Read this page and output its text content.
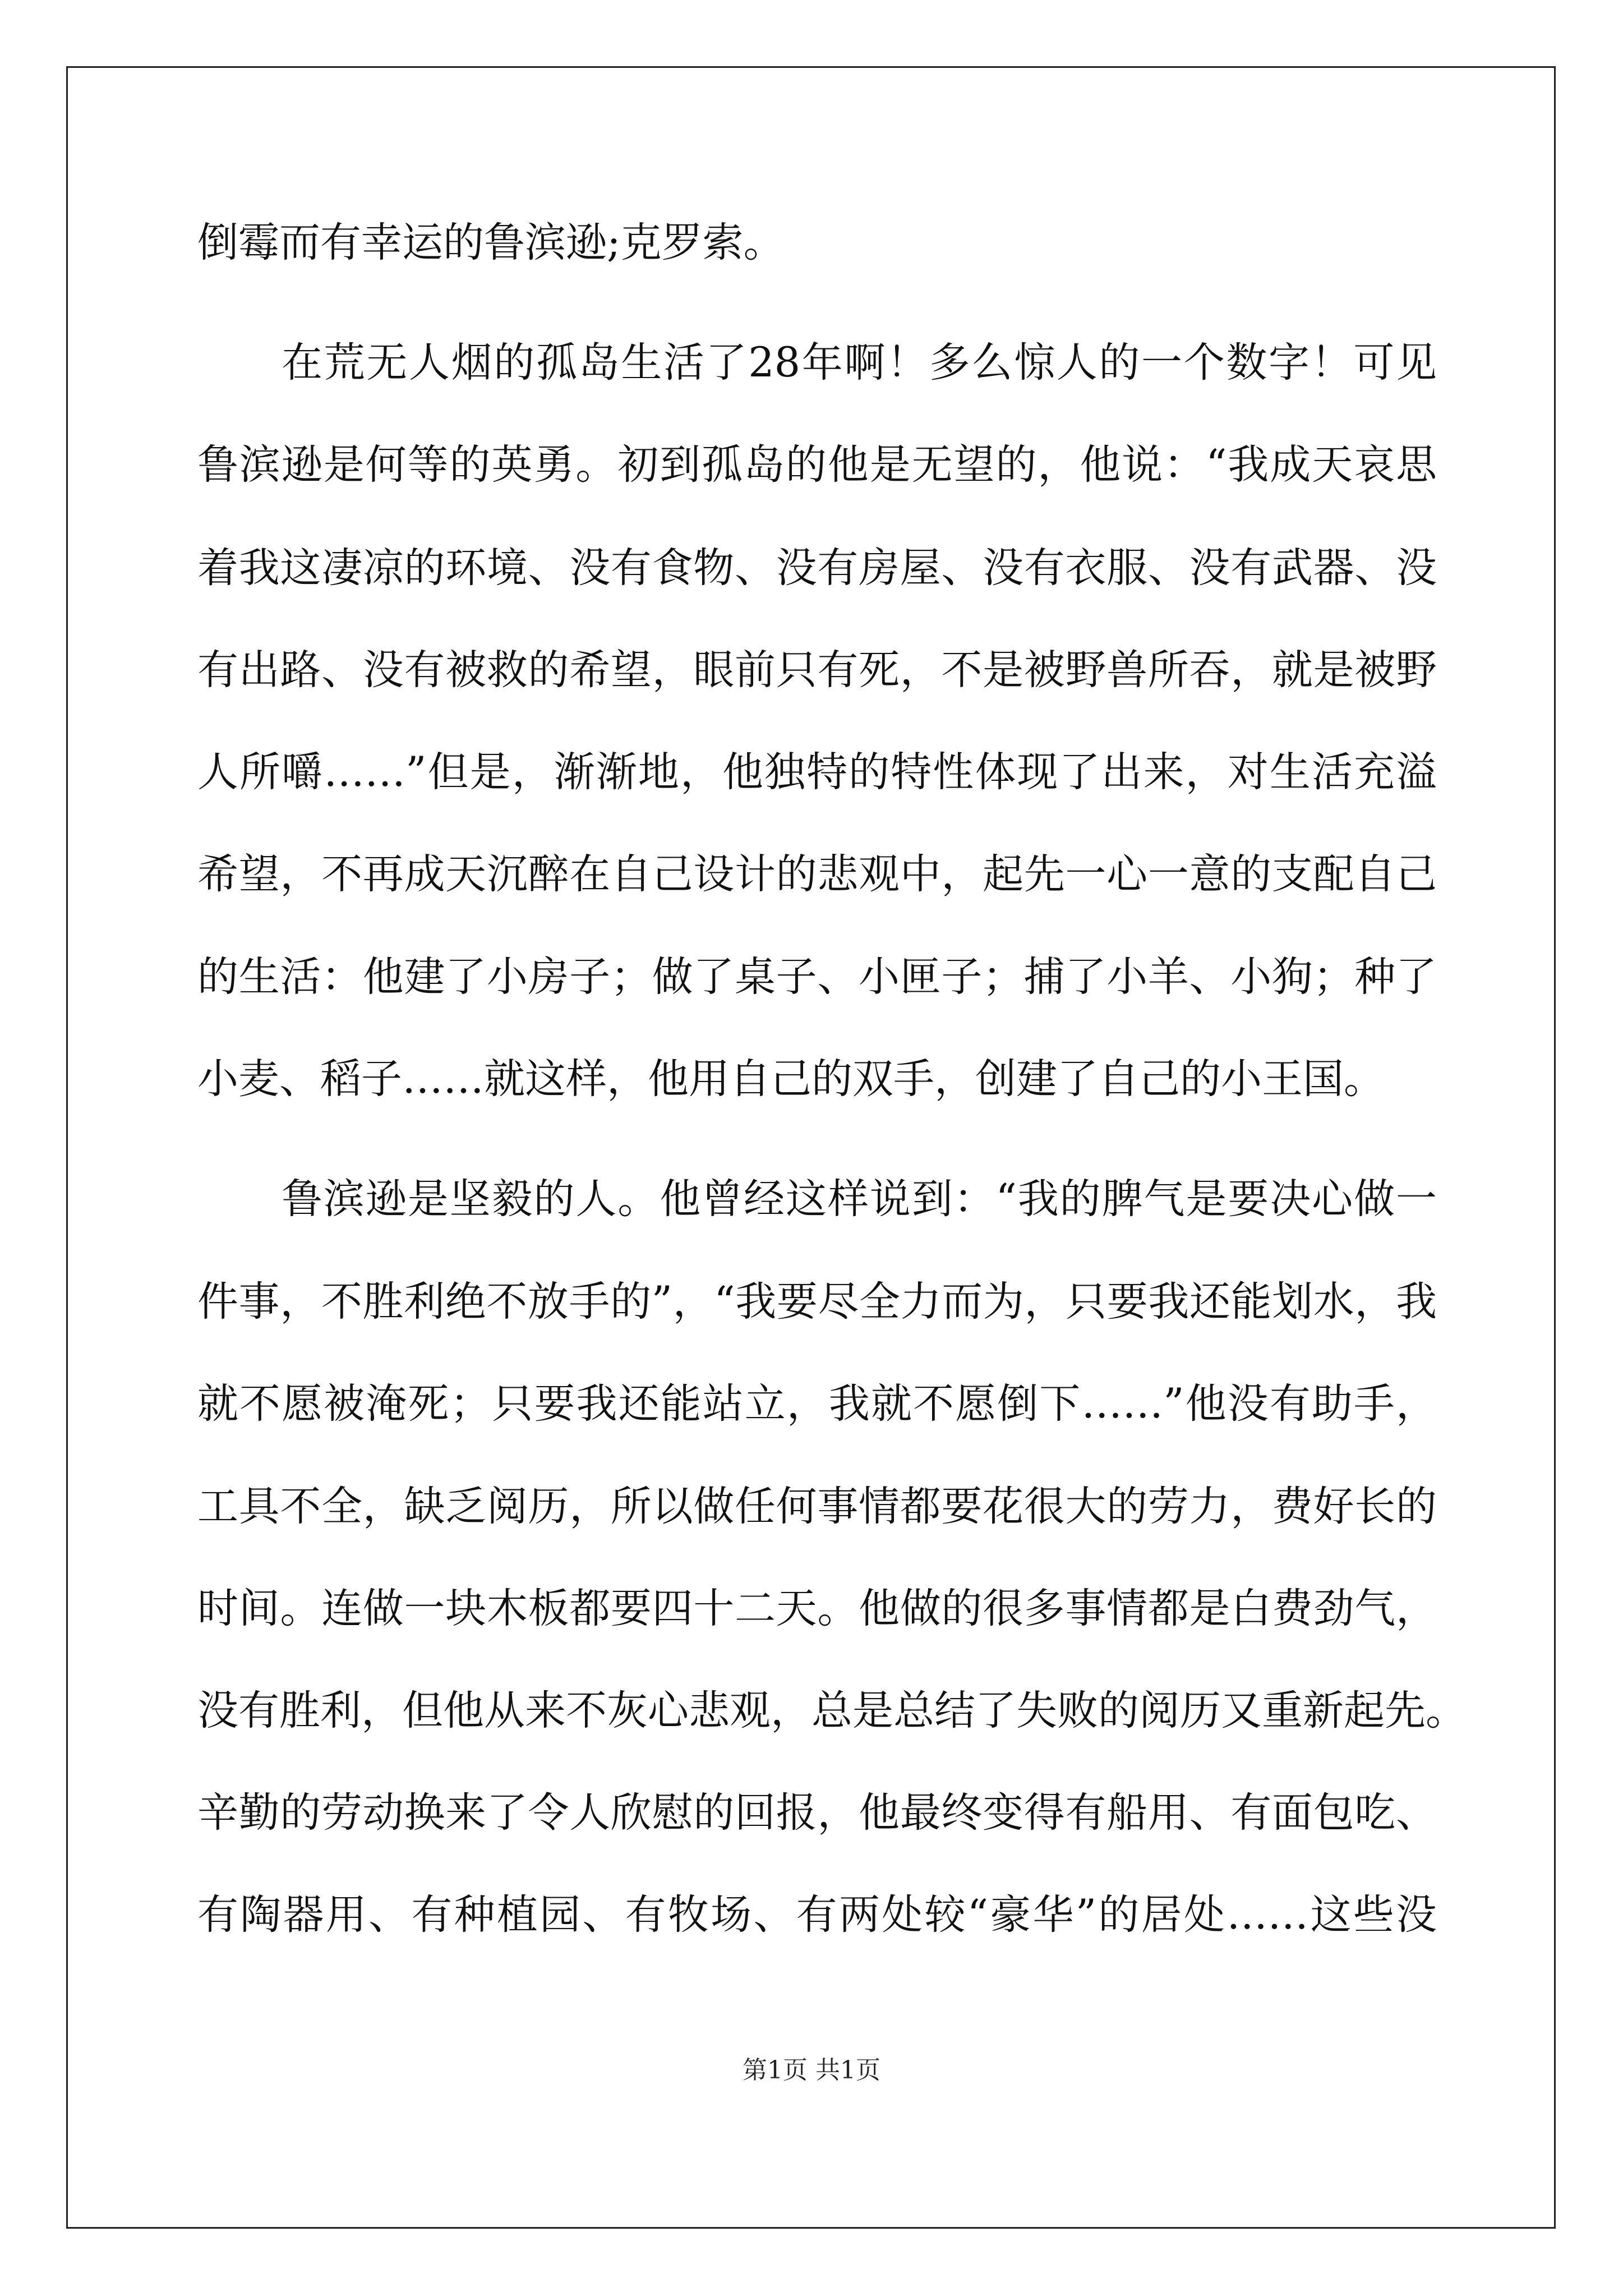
倒霉而有幸运的鲁滨逊;克罗索。
在荒无人烟的孤岛生活了28年啊！多么惊人的一个数字！可见
鲁滨逊是何等的英勇。初到孤岛的他是无望的，他说：“我成天哀思
着我这凄凉的环境、没有食物、没有房屋、没有衣服、没有武器、没
有出路、没有被救的希望，眼前只有死，不是被野兽所吞，就是被野
人所嚼……”但是，渐渐地，他独特的特性体现了出来，对生活充溢
希望，不再成天沉醉在自己设计的悲观中，起先一心一意的支配自己
的生活：他建了小房子；做了桌子、小匣子；捕了小羊、小狗；种了
小麦、稻子……就这样，他用自己的双手，创建了自己的小王国。
鲁滨逊是坚毅的人。他曾经这样说到：“我的脾气是要决心做一
件事，不胜利绝不放手的”，“我要尽全力而为，只要我还能划水，我
就不愿被淹死；只要我还能站立，我就不愿倒下……”他没有助手，
工具不全，缺乏阅历，所以做任何事情都要花很大的劳力，费好长的
时间。连做一块木板都要四十二天。他做的很多事情都是白费劲气，
没有胜利，但他从来不灰心悲观，总是总结了失败的阅历又重新起先。
辛勤的劳动换来了令人欣慰的回报，他最终变得有船用、有面包吃、
有陶器用、有种植园、有牧场、有两处较“豪华”的居处……这些没
第1页 共1页
